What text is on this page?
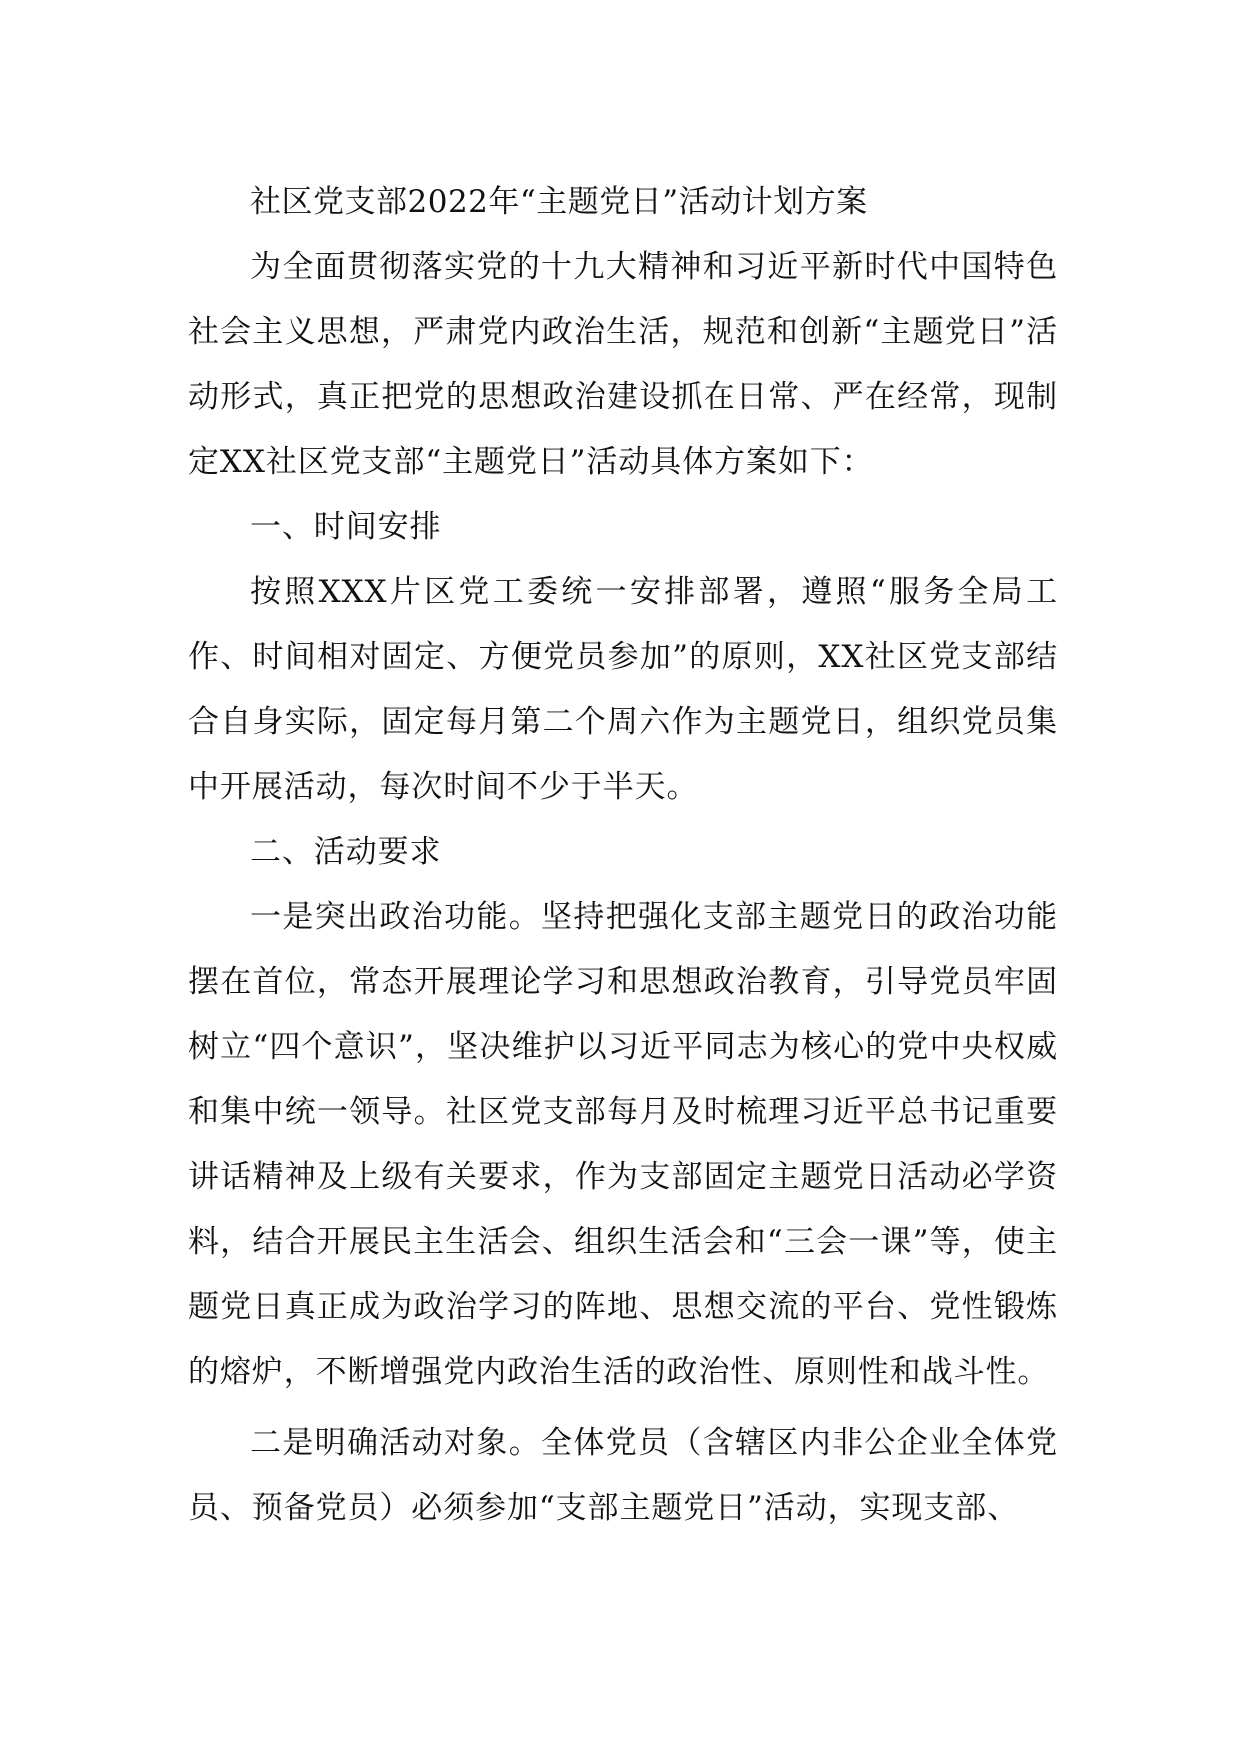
社区党支部2022年“主题党日”活动计划方案

为全面贯彻落实党的十九大精神和习近平新时代中国特色社会主义思想，严肃党内政治生活，规范和创新“主题党日”活动形式，真正把党的思想政治建设抓在日常、严在经常，现制定XX社区党支部“主题党日”活动具体方案如下：

一、时间安排

按照XXX片区党工委统一安排部署，遵照“服务全局工作、时间相对固定、方便党员参加”的原则，XX社区党支部结合自身实际，固定每月第二个周六作为主题党日，组织党员集中开展活动，每次时间不少于半天。

二、活动要求

一是突出政治功能。坚持把强化支部主题党日的政治功能摆在首位，常态开展理论学习和思想政治教育，引导党员牢固树立“四个意识”，坚决维护以习近平同志为核心的党中央权威和集中统一领导。社区党支部每月及时梳理习近平总书记重要讲话精神及上级有关要求，作为支部固定主题党日活动必学资料，结合开展民主生活会、组织生活会和“三会一课”等，使主题党日真正成为政治学习的阵地、思想交流的平台、党性锻炼的熔炉，不断增强党内政治生活的政治性、原则性和战斗性。

二是明确活动对象。全体党员（含辖区内非公企业全体党员、预备党员）必须参加“支部主题党日”活动，实现支部、
